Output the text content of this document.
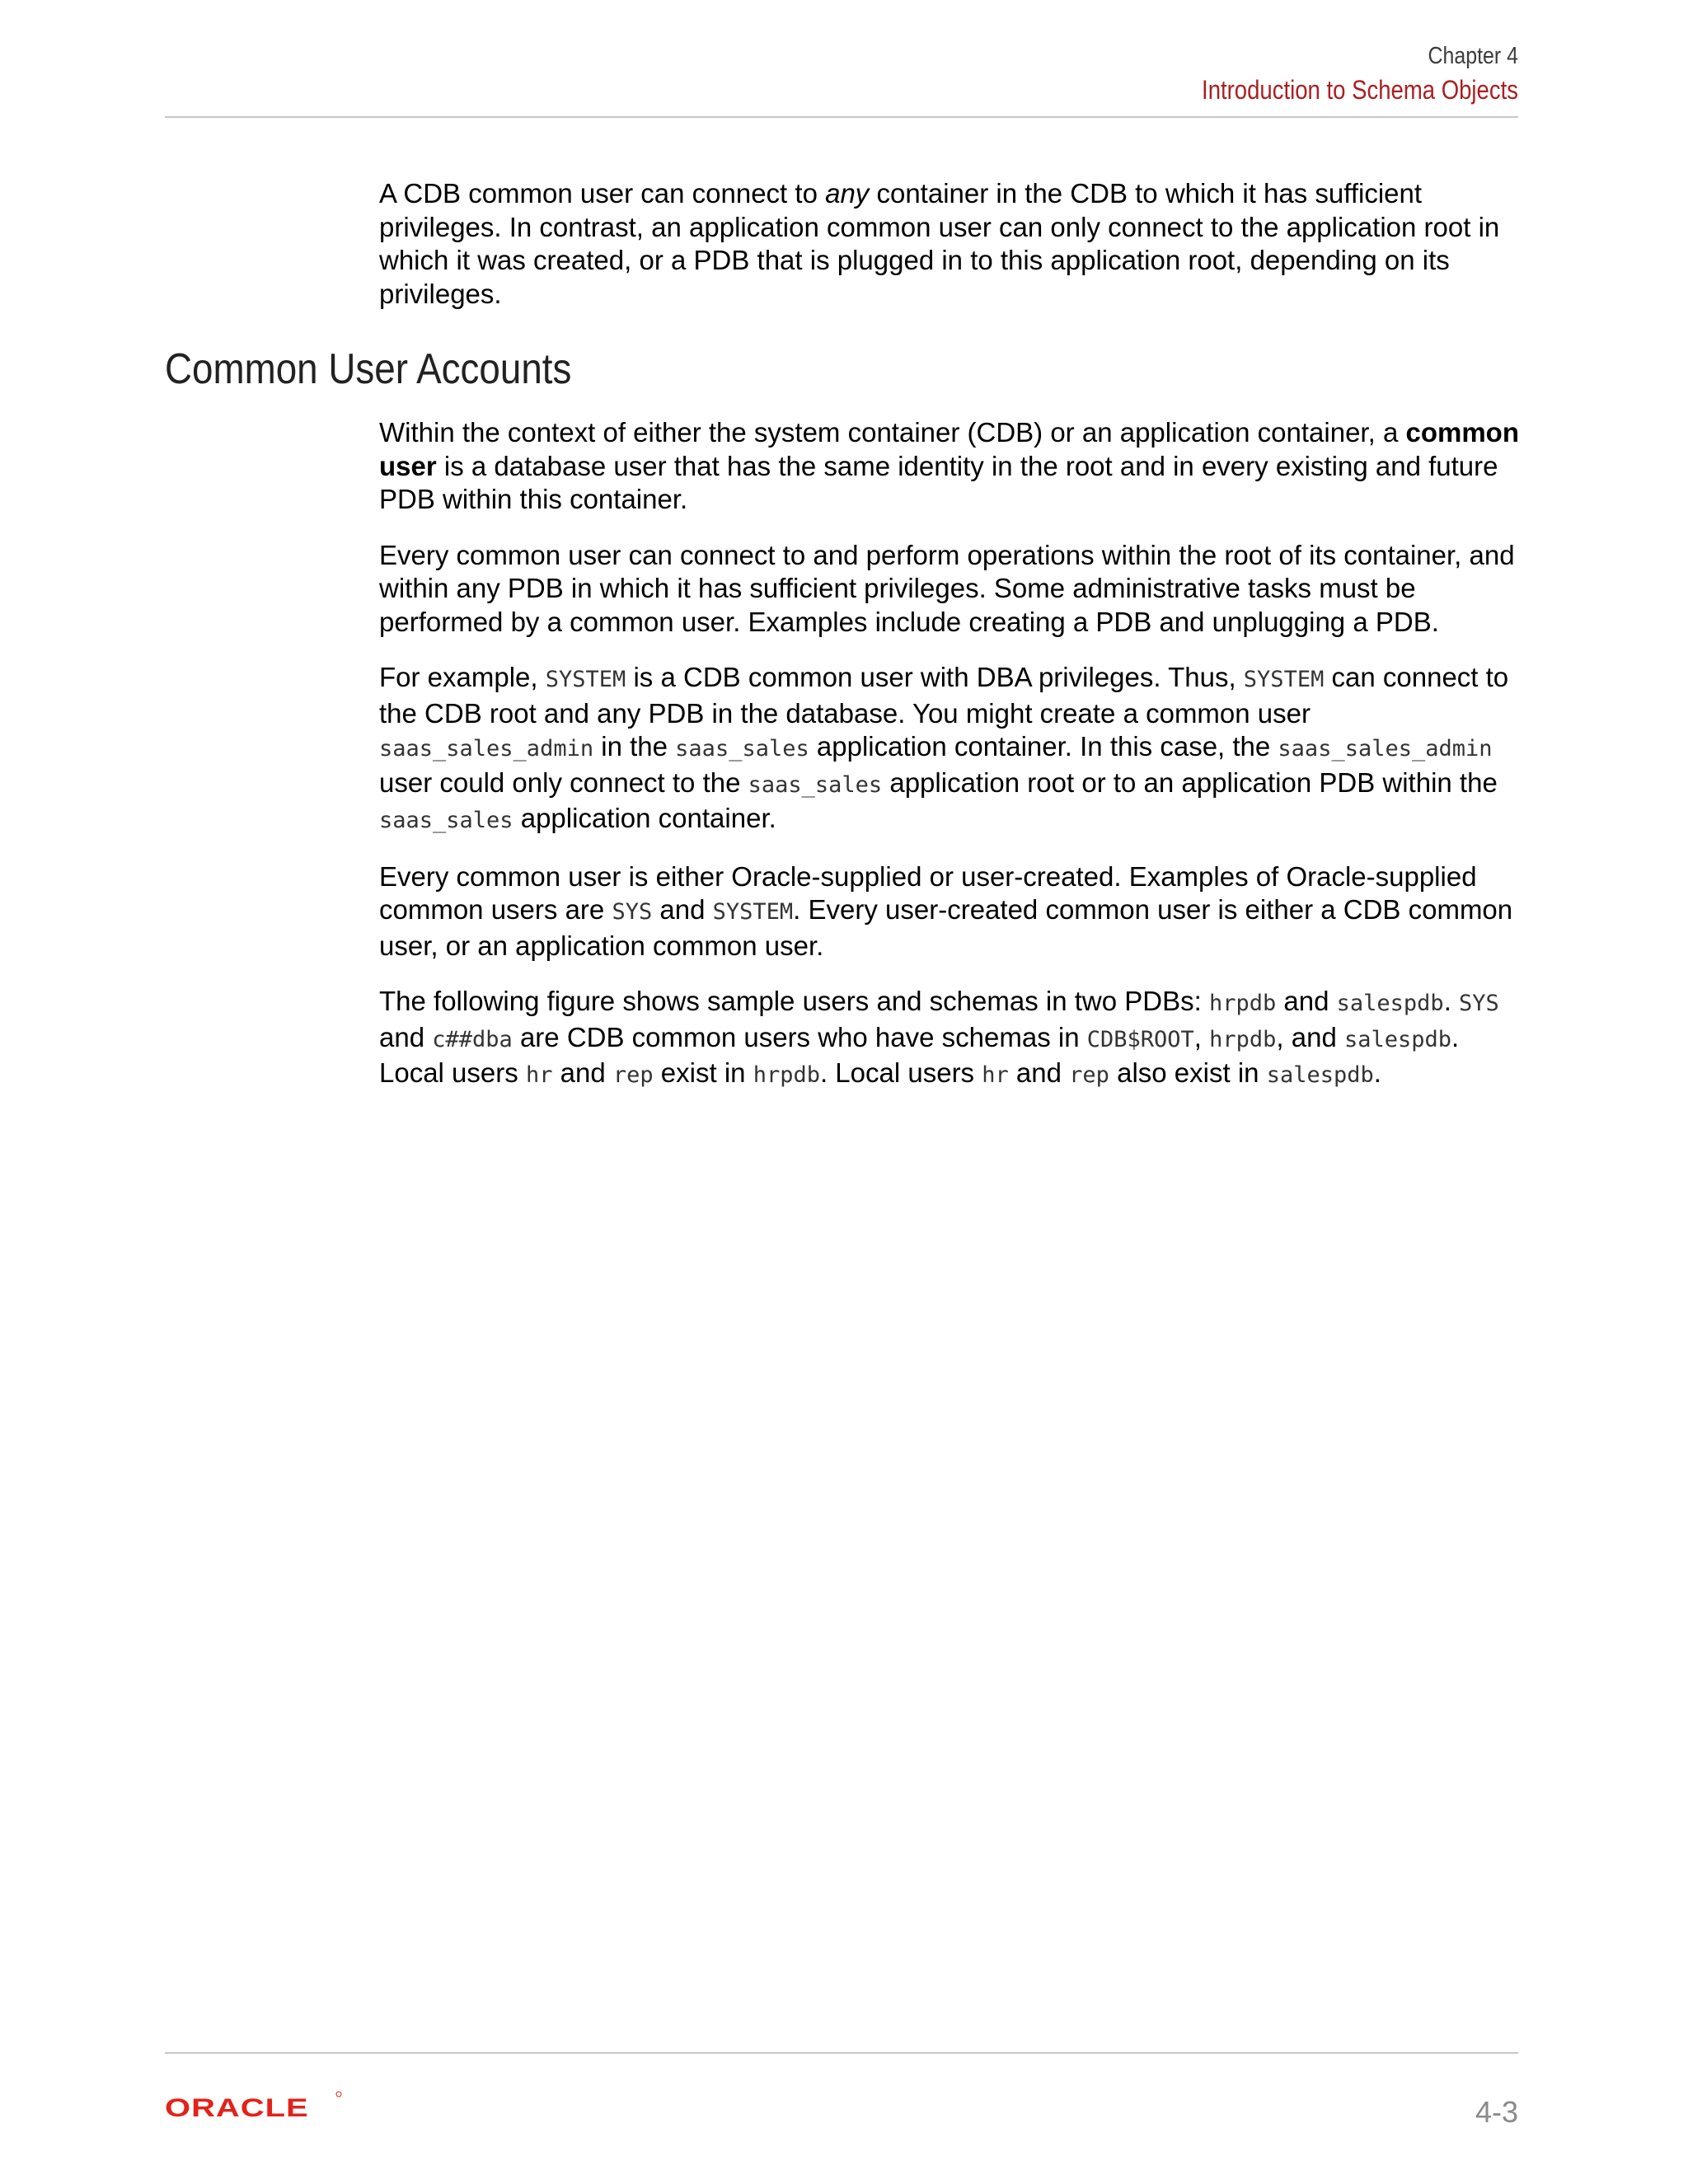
Chapter 4
Introduction to Schema Objects

A CDB common user can connect to any container in the CDB to which it has sufficient privileges. In contrast, an application common user can only connect to the application root in which it was created, or a PDB that is plugged in to this application root, depending on its privileges.

Common User Accounts

Within the context of either the system container (CDB) or an application container, a common user is a database user that has the same identity in the root and in every existing and future PDB within this container.

Every common user can connect to and perform operations within the root of its container, and within any PDB in which it has sufficient privileges. Some administrative tasks must be performed by a common user. Examples include creating a PDB and unplugging a PDB.

For example, SYSTEM is a CDB common user with DBA privileges. Thus, SYSTEM can connect to the CDB root and any PDB in the database. You might create a common user saas_sales_admin in the saas_sales application container. In this case, the saas_sales_admin user could only connect to the saas_sales application root or to an application PDB within the saas_sales application container.

Every common user is either Oracle-supplied or user-created. Examples of Oracle-supplied common users are SYS and SYSTEM. Every user-created common user is either a CDB common user, or an application common user.

The following figure shows sample users and schemas in two PDBs: hrpdb and salespdb. SYS and c##dba are CDB common users who have schemas in CDB$ROOT, hrpdb, and salespdb. Local users hr and rep exist in hrpdb. Local users hr and rep also exist in salespdb.

ORACLE	4-3
